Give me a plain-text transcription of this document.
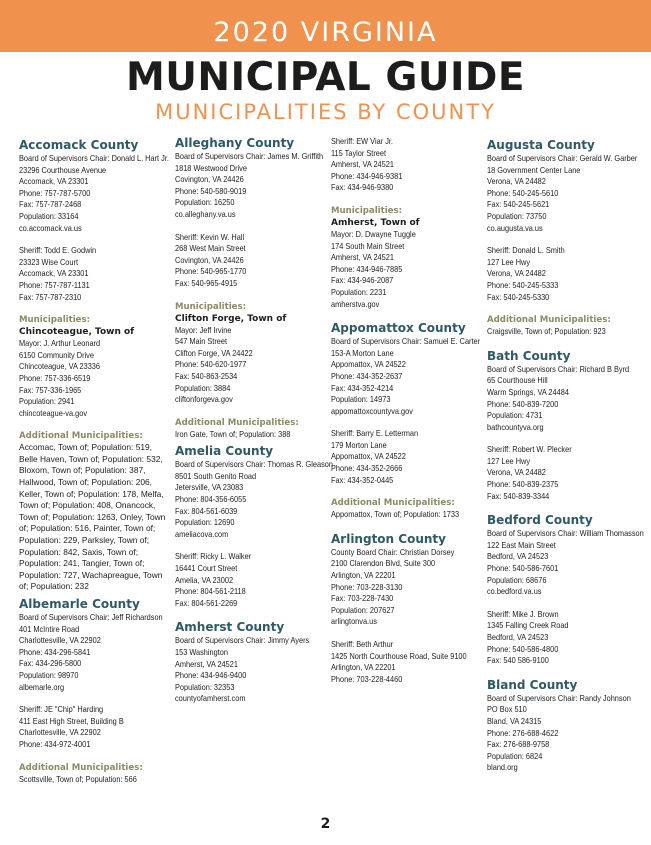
2020 VIRGINIA
MUNICIPAL GUIDE
MUNICIPALITIES BY COUNTY

Accomack County

Board of Supervisors Chair: Donald L. Hart Jr.

23296 Courthouse Avenue

Accomack, VA 23301

Phone: 757-787-5700

Fax: 757-787-2468

Population: 33164

co.accomack.va.us

Sheriff: Todd E. Godwin

23323 Wise Court

Accomack, VA 23301

Phone: 757-787-1131

Fax: 757-787-2310

Municipalities:

Chincoteague, Town of

Mayor: J. Arthur Leonard

6150 Community Drive

Chincoteague, VA 23336

Phone: 757-336-6519

Fax: 757-336-1965

Population: 2941

chincoteague-va.gov

Additional Municipalities:

Accomac, Town of; Population: 519, Belle Haven, Town of; Population: 532, Bloxom, Town of; Population: 387, Hallwood, Town of; Population: 206, Keller, Town of; Population: 178, Melfa, Town of; Population: 408, Onancock, Town of; Population: 1263, Onley, Town of; Population: 516, Painter, Town of; Population: 229, Parksley, Town of; Population: 842, Saxis, Town of; Population: 241, Tangier, Town of; Population: 727, Wachapreague, Town of; Population: 232

Albemarle County

Board of Supervisors Chair: Jeff Richardson

401 McIntire Road

Charlottesville, VA 22902

Phone: 434-296-5841

Fax: 434-296-5800

Population: 98970

albemarle.org

Sheriff: JE "Chip" Harding

411 East High Street, Building B

Charlottesville, VA 22902

Phone: 434-972-4001

Additional Municipalities:

Scottsville, Town of; Population: 566

Alleghany County

Board of Supervisors Chair: James M. Griffith

1818 Westwood Drive

Covington, VA 24426

Phone: 540-580-9019

Population: 16250

co.alleghany.va.us

Sheriff: Kevin W. Hall

268 West Main Street

Covington, VA 24426

Phone: 540-965-1770

Fax: 540-965-4915

Municipalities:

Clifton Forge, Town of

Mayor: Jeff Irvine

547 Main Street

Clifton Forge, VA 24422

Phone: 540-620-1977

Fax: 540-863-2534

Population: 3884

cliftonforgeva.gov

Additional Municipalities:

Iron Gate, Town of; Population: 388

Amelia County

Board of Supervisors Chair: Thomas R. Gleason

8501 South Genito Road

Jetersville, VA 23083

Phone: 804-356-6055

Fax: 804-561-6039

Population: 12690

ameliacova.com

Sheriff: Ricky L. Walker

16441 Court Street

Amelia, VA 23002

Phone: 804-561-2118

Fax: 804-561-2269

Amherst County

Board of Supervisors Chair: Jimmy Ayers

153 Washington

Amherst, VA 24521

Phone: 434-946-9400

Population: 32353

countyofamherst.com

Sheriff: EW Viar Jr.

115 Taylor Street

Amherst, VA 24521

Phone: 434-946-9381

Fax: 434-946-9380

Municipalities:

Amherst, Town of

Mayor: D. Dwayne Tuggle

174 South Main Street

Amherst, VA 24521

Phone: 434-946-7885

Fax: 434-946-2087

Population: 2231

amherstva.gov

Appomattox County

Board of Supervisors Chair: Samuel E. Carter

153-A Morton Lane

Appomattox, VA 24522

Phone: 434-352-2637

Fax: 434-352-4214

Population: 14973

appomattoxcountyva.gov

Sheriff: Barry E. Letterman

179 Morton Lane

Appomattox, VA 24522

Phone: 434-352-2666

Fax: 434-352-0445

Additional Municipalities:

Appomattox, Town of; Population: 1733

Arlington County

County Board Chair: Christian Dorsey

2100 Clarendon Blvd, Suite 300

Arlington, VA 22201

Phone: 703-228-3130

Fax: 703-228-7430

Population: 207627

arlingtonva.us

Sheriff: Beth Arthur

1425 North Courthouse Road, Suite 9100

Arlington, VA 22201

Phone: 703-228-4460

Augusta County

Board of Supervisors Chair: Gerald W. Garber

18 Government Center Lane

Verona, VA 24482

Phone: 540-245-5610

Fax: 540-245-5621

Population: 73750

co.augusta.va.us

Sheriff: Donald L. Smith

127 Lee Hwy

Verona, VA 24482

Phone: 540-245-5333

Fax: 540-245-5330

Additional Municipalities:

Craigsville, Town of; Population: 923

Bath County

Board of Supervisors Chair: Richard B Byrd

65 Courthouse Hill

Warm Springs, VA 24484

Phone: 540-839-7200

Population: 4731

bathcountyva.org

Sheriff: Robert W. Plecker

127 Lee Hwy

Verona, VA 24482

Phone: 540-839-2375

Fax: 540-839-3344

Bedford County

Board of Supervisors Chair: William Thomasson

122 East Main Street

Bedford, VA 24523

Phone: 540-586-7601

Population: 68676

co.bedford.va.us

Sheriff: Mike J. Brown

1345 Falling Creek Road

Bedford, VA 24523

Phone: 540-586-4800

Fax: 540 586-9100

Bland County

Board of Supervisors Chair: Randy Johnson

PO Box 510

Bland, VA 24315

Phone: 276-688-4622

Fax: 276-688-9758

Population: 6824

bland.org

2
